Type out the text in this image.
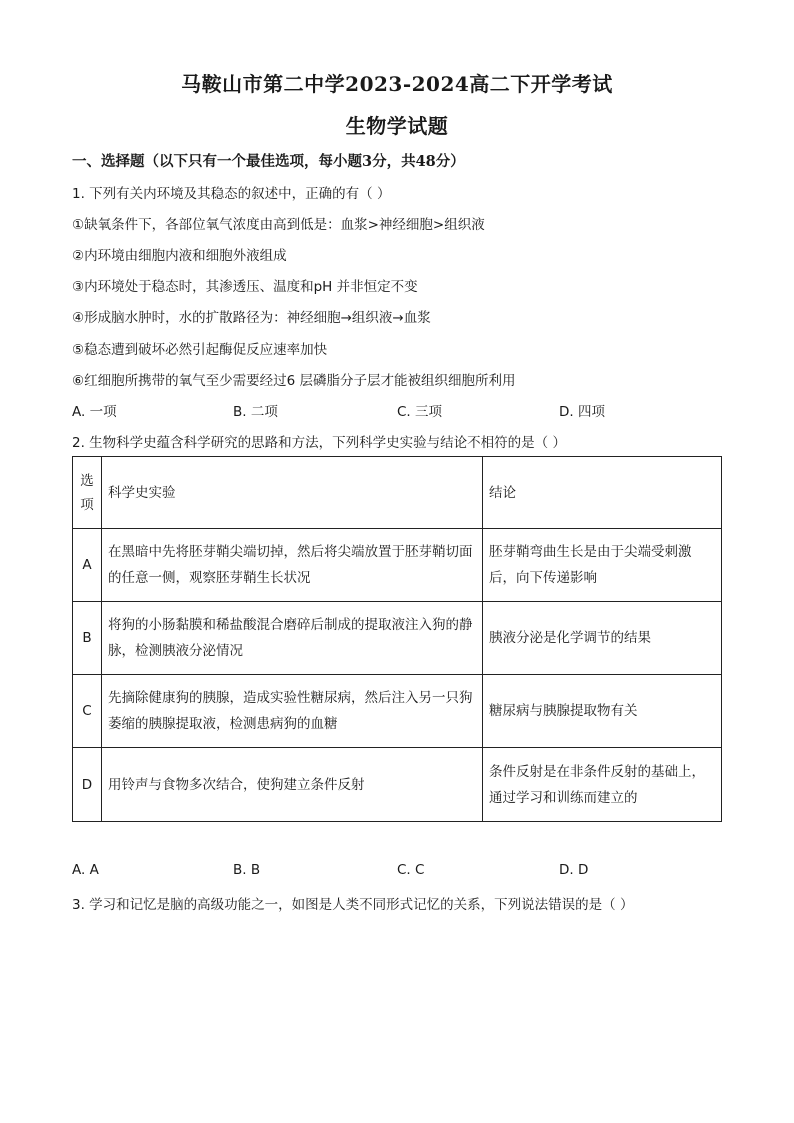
马鞍山市第二中学2023-2024高二下开学考试
生物学试题
一、选择题（以下只有一个最佳选项，每小题3分，共48分）
1. 下列有关内环境及其稳态的叙述中，正确的有（ ）
①缺氧条件下，各部位氧气浓度由高到低是：血浆>神经细胞>组织液
②内环境由细胞内液和细胞外液组成
③内环境处于稳态时，其渗透压、温度和pH 并非恒定不变
④形成脑水肿时，水的扩散路径为：神经细胞→组织液→血浆
⑤稳态遭到破坏必然引起酶促反应速率加快
⑥红细胞所携带的氧气至少需要经过6 层磷脂分子层才能被组织细胞所利用
A. 一项	B. 二项	C. 三项	D. 四项
2. 生物科学史蕴含科学研究的思路和方法，下列科学史实验与结论不相符的是（ ）
选
项	科学史实验	结论
A	在黑暗中先将胚芽鞘尖端切掉，然后将尖端放置于胚芽鞘切面的任意一侧，观察胚芽鞘生长状况	胚芽鞘弯曲生长是由于尖端受刺激后，向下传递影响
B	将狗的小肠黏膜和稀盐酸混合磨碎后制成的提取液注入狗的静脉，检测胰液分泌情况	胰液分泌是化学调节的结果
C	先摘除健康狗的胰腺，造成实验性糖尿病，然后注入另一只狗萎缩的胰腺提取液，检测患病狗的血糖	糖尿病与胰腺提取物有关
D	用铃声与食物多次结合，使狗建立条件反射	条件反射是在非条件反射的基础上，通过学习和训练而建立的
A. A	B. B	C. C	D. D
3. 学习和记忆是脑的高级功能之一，如图是人类不同形式记忆的关系，下列说法错误的是（ ）
